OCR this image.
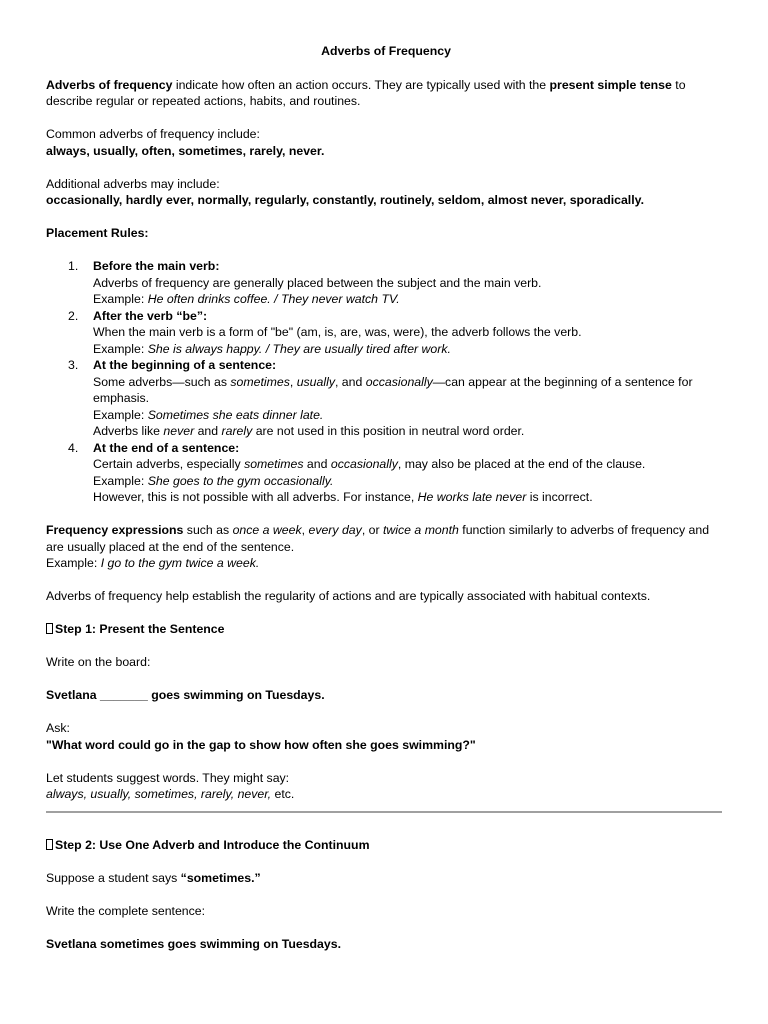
Adverbs of Frequency

Adverbs of frequency indicate how often an action occurs. They are typically used with the present simple tense to describe regular or repeated actions, habits, and routines.

Common adverbs of frequency include:

always, usually, often, sometimes, rarely, never.

Additional adverbs may include:

occasionally, hardly ever, normally, regularly, constantly, routinely, seldom, almost never, sporadically.

Placement Rules:

1. Before the main verb:
Adverbs of frequency are generally placed between the subject and the main verb.
Example: He often drinks coffee. / They never watch TV.
2. After the verb “be”:
When the main verb is a form of "be" (am, is, are, was, were), the adverb follows the verb.
Example: She is always happy. / They are usually tired after work.
3. At the beginning of a sentence:
Some adverbs—such as sometimes, usually, and occasionally—can appear at the beginning of a sentence for emphasis.
Example: Sometimes she eats dinner late.
Adverbs like never and rarely are not used in this position in neutral word order.
4. At the end of a sentence:
Certain adverbs, especially sometimes and occasionally, may also be placed at the end of the clause.
Example: She goes to the gym occasionally.
However, this is not possible with all adverbs. For instance, He works late never is incorrect.

Frequency expressions such as once a week, every day, or twice a month function similarly to adverbs of frequency and are usually placed at the end of the sentence.
Example: I go to the gym twice a week.

Adverbs of frequency help establish the regularity of actions and are typically associated with habitual contexts.

Step 1: Present the Sentence

Write on the board:

Svetlana _______ goes swimming on Tuesdays.

Ask:

"What word could go in the gap to show how often she goes swimming?"

Let students suggest words. They might say:

always, usually, sometimes, rarely, never, etc.

Step 2: Use One Adverb and Introduce the Continuum

Suppose a student says “sometimes.”

Write the complete sentence:

Svetlana sometimes goes swimming on Tuesdays.
